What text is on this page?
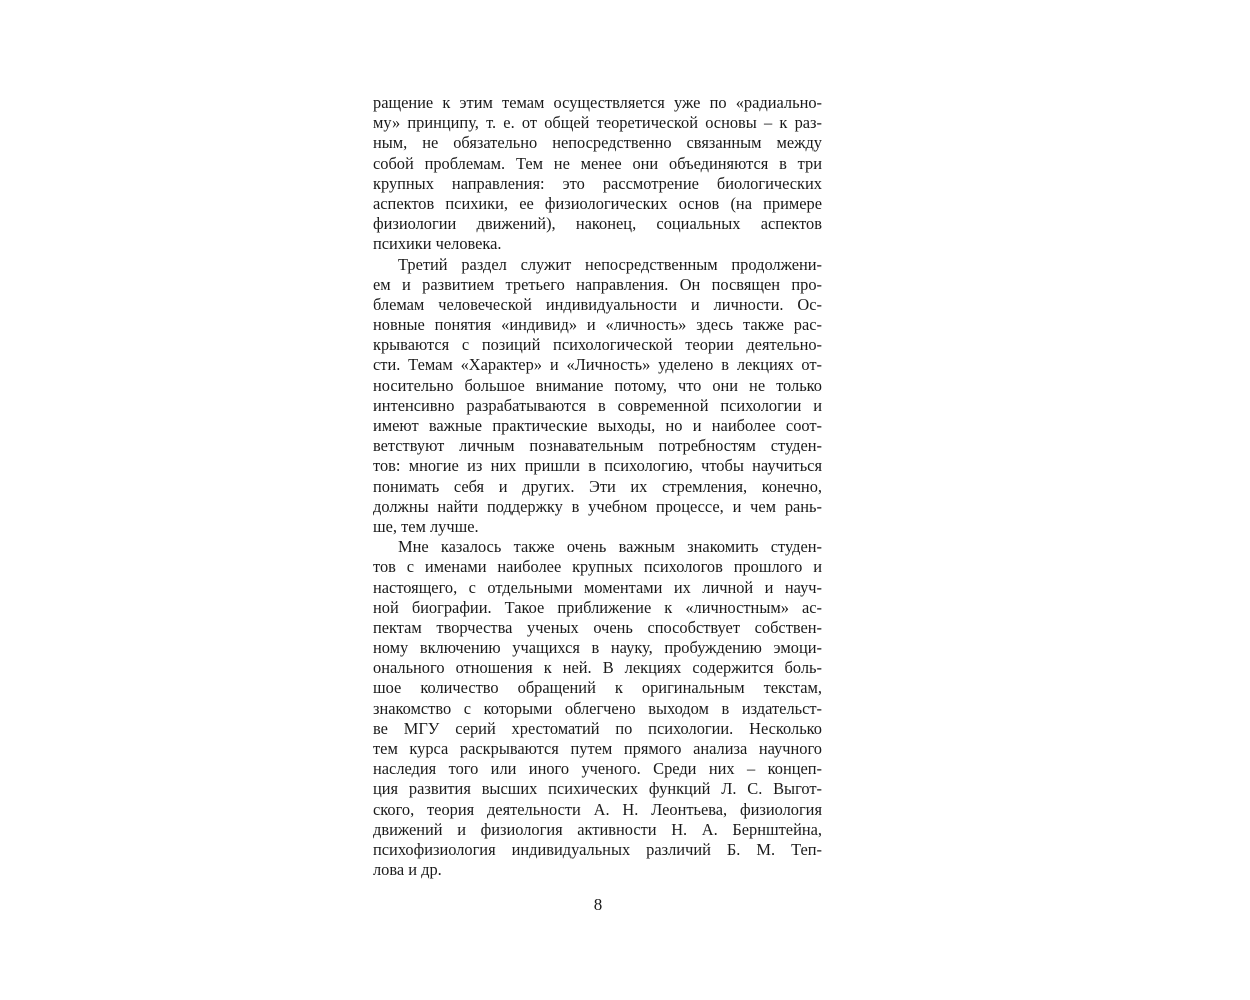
ращение к этим темам осуществляется уже по «радиально-
му» принципу, т. е. от общей теоретической основы – к раз-
ным, не обязательно непосредственно связанным между
собой проблемам. Тем не менее они объединяются в три
крупных направления: это рассмотрение биологических
аспектов психики, ее физиологических основ (на примере
физиологии движений), наконец, социальных аспектов
психики человека.
Третий раздел служит непосредственным продолжени-
ем и развитием третьего направления. Он посвящен про-
блемам человеческой индивидуальности и личности. Ос-
новные понятия «индивид» и «личность» здесь также рас-
крываются с позиций психологической теории деятельно-
сти. Темам «Характер» и «Личность» уделено в лекциях от-
носительно большое внимание потому, что они не только
интенсивно разрабатываются в современной психологии и
имеют важные практические выходы, но и наиболее соот-
ветствуют личным познавательным потребностям студен-
тов: многие из них пришли в психологию, чтобы научиться
понимать себя и других. Эти их стремления, конечно,
должны найти поддержку в учебном процессе, и чем рань-
ше, тем лучше.
Мне казалось также очень важным знакомить студен-
тов с именами наиболее крупных психологов прошлого и
настоящего, с отдельными моментами их личной и науч-
ной биографии. Такое приближение к «личностным» ас-
пектам творчества ученых очень способствует собствен-
ному включению учащихся в науку, пробуждению эмоци-
онального отношения к ней. В лекциях содержится боль-
шое количество обращений к оригинальным текстам,
знакомство с которыми облегчено выходом в издательст-
ве МГУ серий хрестоматий по психологии. Несколько
тем курса раскрываются путем прямого анализа научного
наследия того или иного ученого. Среди них – концеп-
ция развития высших психических функций Л. С. Выгот-
ского, теория деятельности А. Н. Леонтьева, физиология
движений и физиология активности Н. А. Бернштейна,
психофизиология индивидуальных различий Б. М. Теп-
лова и др.
8
